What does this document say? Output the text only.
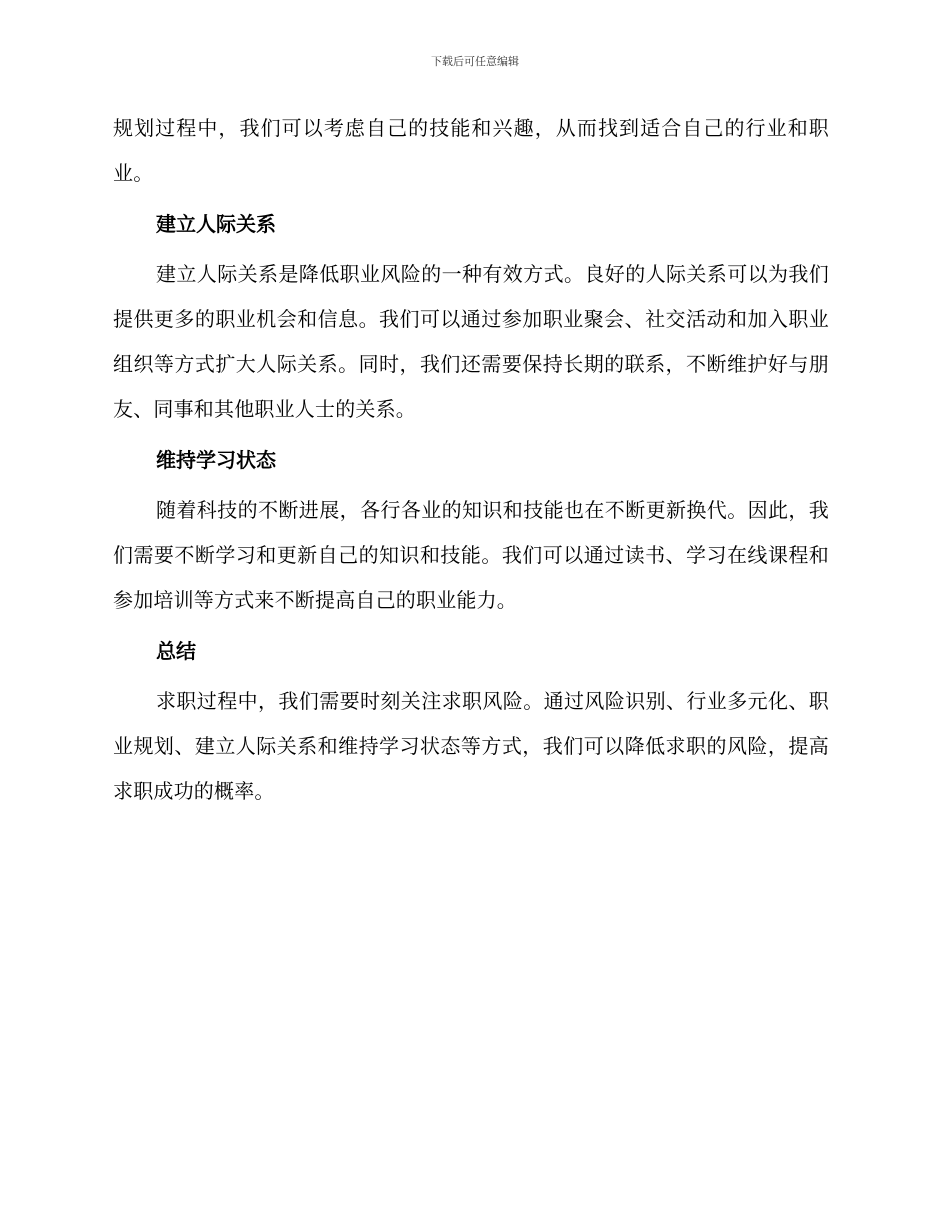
下载后可任意编辑

规划过程中，我们可以考虑自己的技能和兴趣，从而找到适合自己的行业和职业。

建立人际关系

建立人际关系是降低职业风险的一种有效方式。良好的人际关系可以为我们提供更多的职业机会和信息。我们可以通过参加职业聚会、社交活动和加入职业组织等方式扩大人际关系。同时，我们还需要保持长期的联系，不断维护好与朋友、同事和其他职业人士的关系。

维持学习状态

随着科技的不断进展，各行各业的知识和技能也在不断更新换代。因此，我们需要不断学习和更新自己的知识和技能。我们可以通过读书、学习在线课程和参加培训等方式来不断提高自己的职业能力。

总结

求职过程中，我们需要时刻关注求职风险。通过风险识别、行业多元化、职业规划、建立人际关系和维持学习状态等方式，我们可以降低求职的风险，提高求职成功的概率。
